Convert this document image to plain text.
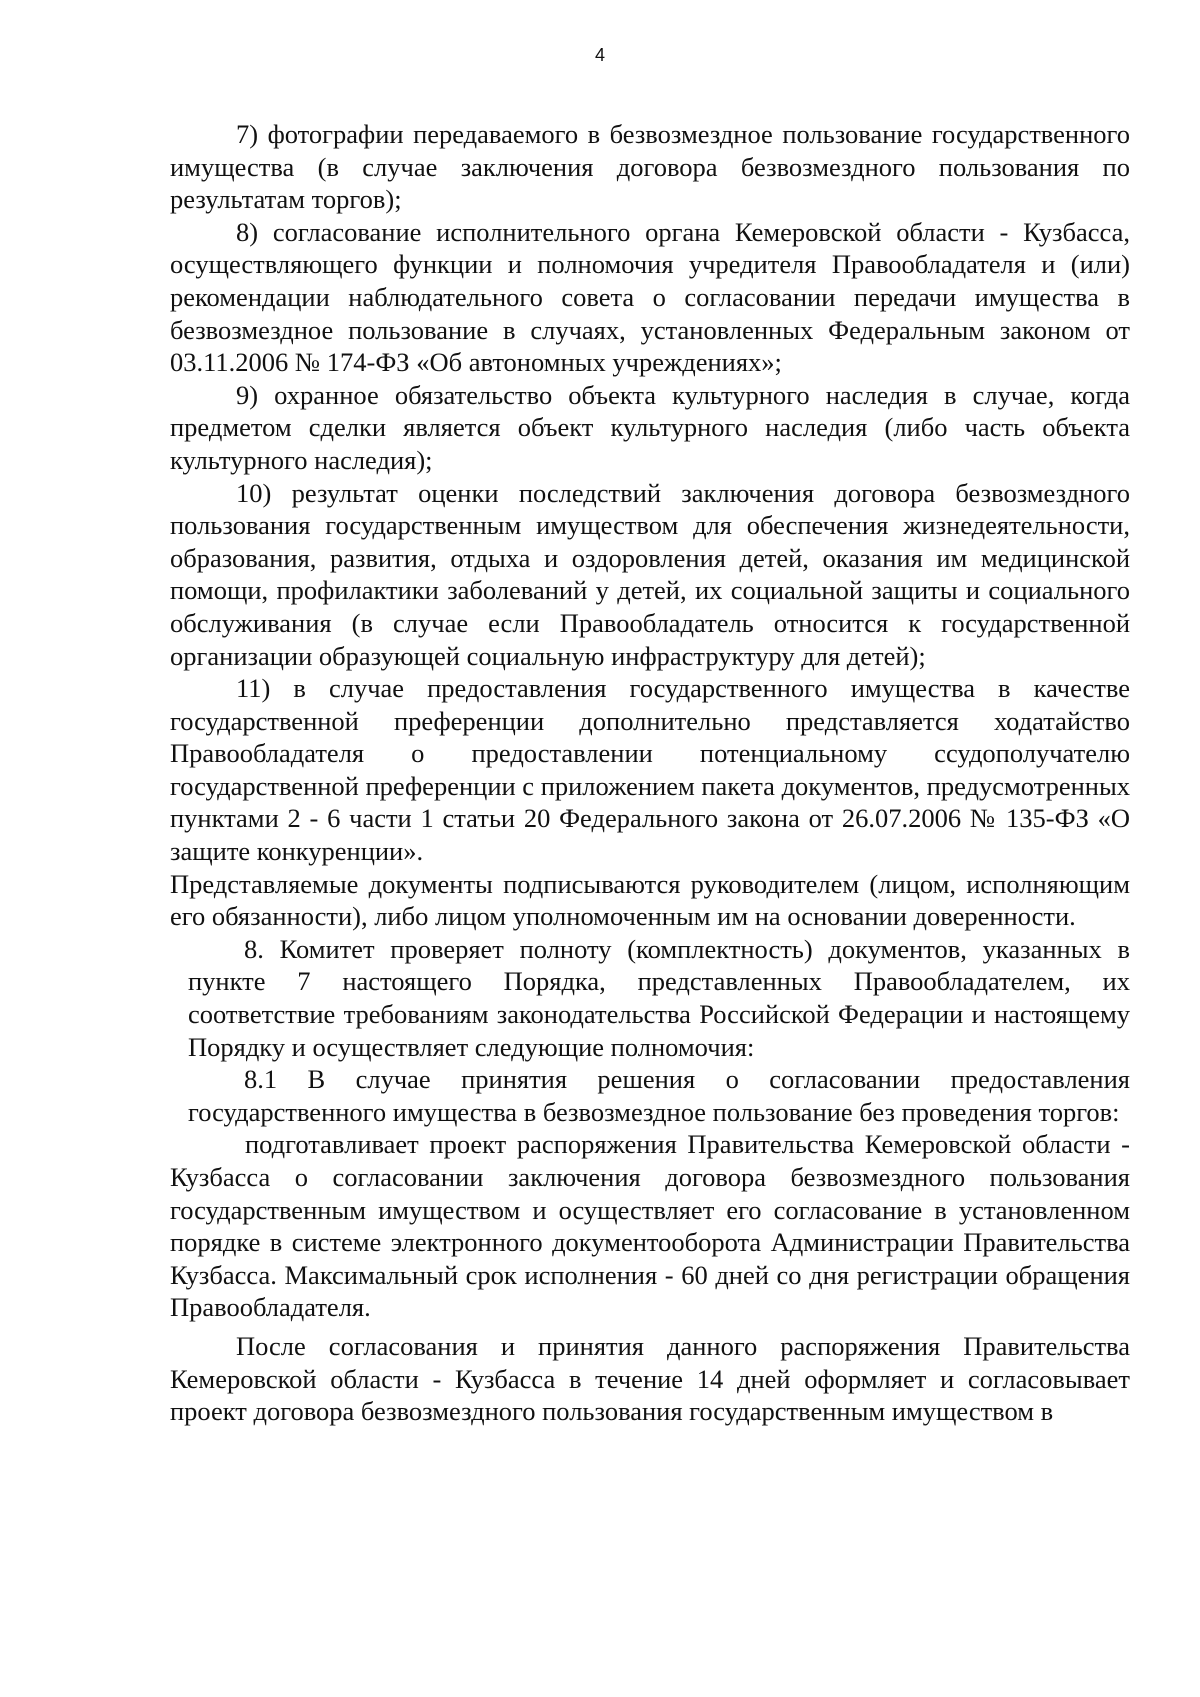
4

7) фотографии передаваемого в безвозмездное пользование государственного имущества (в случае заключения договора безвозмездного пользования по результатам торгов);

8) согласование исполнительного органа Кемеровской области - Кузбасса, осуществляющего функции и полномочия учредителя Правообладателя и (или) рекомендации наблюдательного совета о согласовании передачи имущества в безвозмездное пользование в случаях, установленных Федеральным законом от 03.11.2006 № 174-ФЗ «Об автономных учреждениях»;

9) охранное обязательство объекта культурного наследия в случае, когда предметом сделки является объект культурного наследия (либо часть объекта культурного наследия);

10) результат оценки последствий заключения договора безвозмездного пользования государственным имуществом для обеспечения жизнедеятельности, образования, развития, отдыха и оздоровления детей, оказания им медицинской помощи, профилактики заболеваний у детей, их социальной защиты и социального обслуживания (в случае если Правообладатель относится к государственной организации образующей социальную инфраструктуру для детей);

11) в случае предоставления государственного имущества в качестве государственной преференции дополнительно представляется ходатайство Правообладателя о предоставлении потенциальному ссудополучателю государственной преференции с приложением пакета документов, предусмотренных пунктами 2 - 6 части 1 статьи 20 Федерального закона от 26.07.2006 № 135-ФЗ «О защите конкуренции».

Представляемые документы подписываются руководителем (лицом, исполняющим его обязанности), либо лицом уполномоченным им на основании доверенности.

8. Комитет проверяет полноту (комплектность) документов, указанных в пункте 7 настоящего Порядка, представленных Правообладателем, их соответствие требованиям законодательства Российской Федерации и настоящему Порядку и осуществляет следующие полномочия:

8.1 В случае принятия решения о согласовании предоставления государственного имущества в безвозмездное пользование без проведения торгов:

подготавливает проект распоряжения Правительства Кемеровской области - Кузбасса о согласовании заключения договора безвозмездного пользования государственным имуществом и осуществляет его согласование в установленном порядке в системе электронного документооборота Администрации Правительства Кузбасса. Максимальный срок исполнения - 60 дней со дня регистрации обращения Правообладателя.

После согласования и принятия данного распоряжения Правительства Кемеровской области - Кузбасса в течение 14 дней оформляет и согласовывает проект договора безвозмездного пользования государственным имуществом в
